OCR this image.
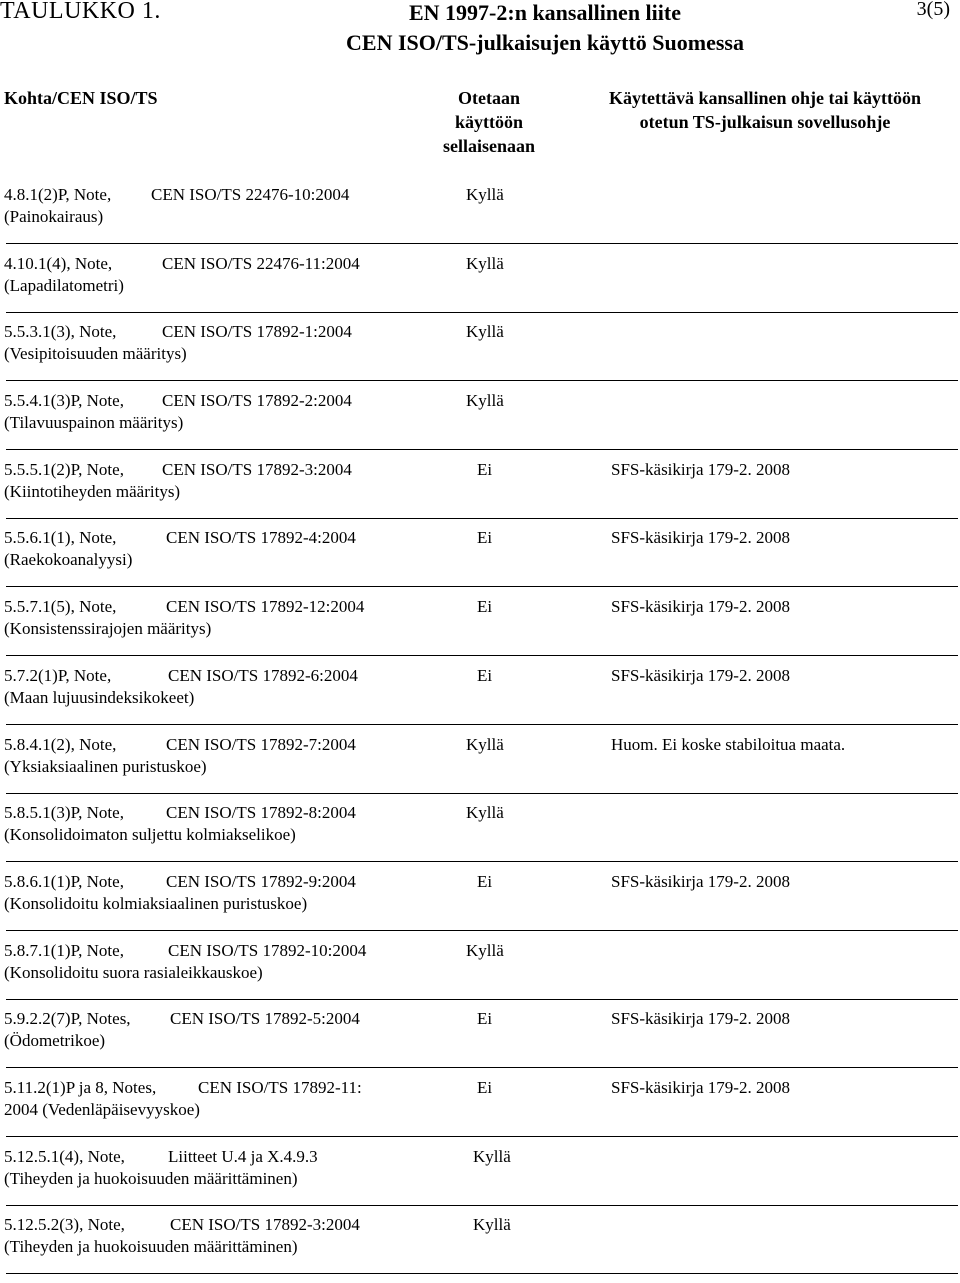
TAULUKKO 1.	EN 1997-2:n kansallinen liite
CEN ISO/TS-julkaisujen käyttö Suomessa
3(5)
Kohta/CEN ISO/TS	Otetaan
käyttöön
sellaisenaan
Käytettävä kansallinen ohje tai käyttöön
otetun TS-julkaisun sovellusohje
4.8.1(2)P, Note, CEN ISO/TS 22476-10:2004
(Painokairaus)
Kyllä
4.10.1(4), Note,	CEN ISO/TS 22476-11:2004
(Lapadilatometri)
Kyllä
5.5.3.1(3), Note,	CEN ISO/TS 17892-1:2004
(Vesipitoisuuden määritys)
Kyllä
5.5.4.1(3)P, Note, CEN ISO/TS 17892-2:2004
(Tilavuuspainon määritys)
Kyllä
5.5.5.1(2)P, Note, CEN ISO/TS 17892-3:2004
(Kiintotiheyden määritys)
Ei	SFS-käsikirja 179-2. 2008
5.5.6.1(1), Note,	CEN ISO/TS 17892-4:2004
(Raekokoanalyysi)
Ei	SFS-käsikirja 179-2. 2008
5.5.7.1(5), Note,	CEN ISO/TS 17892-12:2004
(Konsistenssirajojen määritys)
Ei	SFS-käsikirja 179-2. 2008
5.7.2(1)P, Note,	CEN ISO/TS 17892-6:2004
(Maan lujuusindeksikokeet)
Ei	SFS-käsikirja 179-2. 2008
5.8.4.1(2), Note,	CEN ISO/TS 17892-7:2004
(Yksiaksiaalinen puristuskoe)
Kyllä	Huom. Ei koske stabiloitua maata.
5.8.5.1(3)P, Note, CEN ISO/TS 17892-8:2004
(Konsolidoimaton suljettu kolmiakselikoe)
Kyllä
5.8.6.1(1)P, Note, CEN ISO/TS 17892-9:2004
(Konsolidoitu kolmiaksiaalinen puristuskoe)
Ei	SFS-käsikirja 179-2. 2008
5.8.7.1(1)P, Note,	CEN ISO/TS 17892-10:2004
(Konsolidoitu suora rasialeikkauskoe)
Kyllä
5.9.2.2(7)P, Notes, CEN ISO/TS 17892-5:2004
(Ödometrikoe)
Ei	SFS-käsikirja 179-2. 2008
5.11.2(1)P ja 8, Notes, CEN ISO/TS 17892-11:
2004 (Vedenläpäisevyyskoe)
Ei	SFS-käsikirja 179-2. 2008
5.12.5.1(4), Note,	Liitteet U.4 ja X.4.9.3
(Tiheyden ja huokoisuuden määrittäminen)
Kyllä
5.12.5.2(3), Note,	CEN ISO/TS 17892-3:2004
(Tiheyden ja huokoisuuden määrittäminen)
Kyllä
